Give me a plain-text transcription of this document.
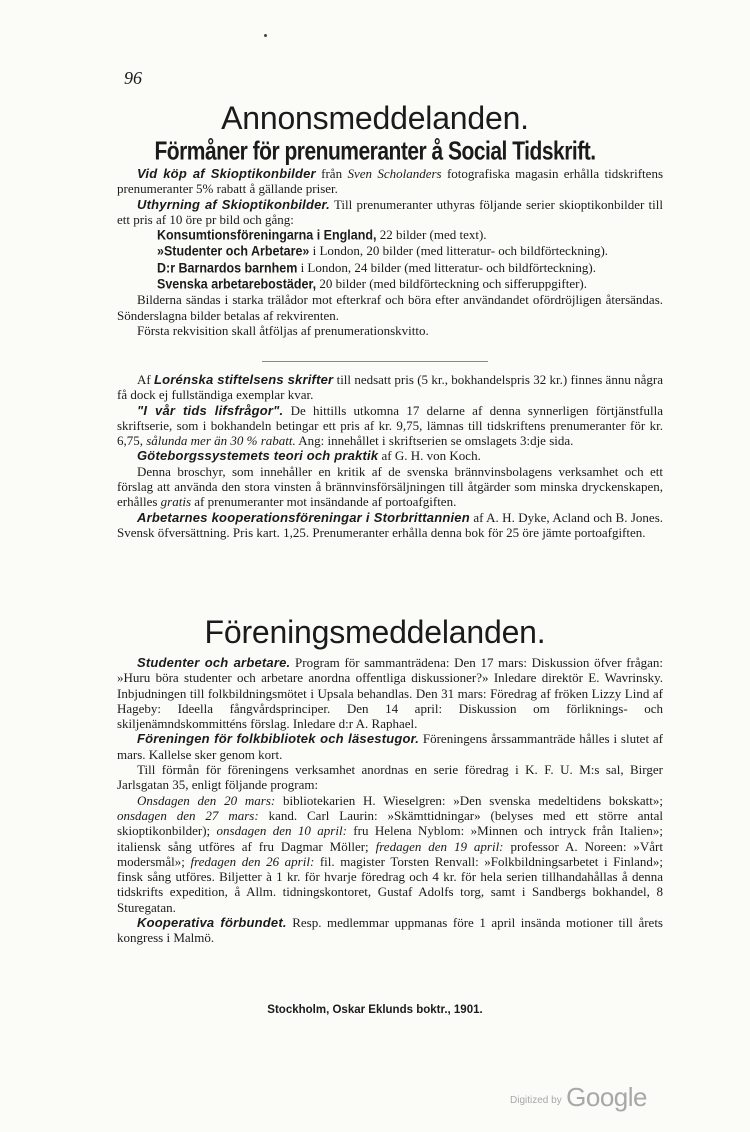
96
Annonsmeddelanden.
Förmåner för prenumeranter å Social Tidskrift.

Vid köp af Skioptikonbilder från Sven Scholanders fotografiska magasin erhålla tidskriftens prenumeranter 5% rabatt å gällande priser.

Uthyrning af Skioptikonbilder. Till prenumeranter uthyras följande serier skioptikonbilder till ett pris af 10 öre pr bild och gång:

Konsumtionsföreningarna i England, 22 bilder (med text).

»Studenter och Arbetare» i London, 20 bilder (med litteratur- och bildförteckning).

D:r Barnardos barnhem i London, 24 bilder (med litteratur- och bildförteckning).

Svenska arbetarebostäder, 20 bilder (med bildförteckning och sifferuppgifter).

Bilderna sändas i starka trälådor mot efterkraf och böra efter användandet ofördröjligen återsändas. Sönderslagna bilder betalas af rekvirenten.

Första rekvisition skall åtföljas af prenumerationskvitto.

Af Lorénska stiftelsens skrifter till nedsatt pris (5 kr., bokhandelspris 32 kr.) finnes ännu några få dock ej fullständiga exemplar kvar.

"I vår tids lifsfrågor". De hittills utkomna 17 delarne af denna synnerligen förtjänstfulla skriftserie, som i bokhandeln betingar ett pris af kr. 9,75, lämnas till tidskriftens prenumeranter för kr. 6,75, sålunda mer än 30 % rabatt. Ang: innehållet i skriftserien se omslagets 3:dje sida.

Göteborgssystemets teori och praktik af G. H. von Koch.

Denna broschyr, som innehåller en kritik af de svenska brännvinsbolagens verksamhet och ett förslag att använda den stora vinsten å brännvinsförsäljningen till åtgärder som minska dryckenskapen, erhålles gratis af prenumeranter mot insändande af portoafgiften.

Arbetarnes kooperationsföreningar i Storbrittannien af A. H. Dyke, Acland och B. Jones. Svensk öfversättning. Pris kart. 1,25. Prenumeranter erhålla denna bok för 25 öre jämte portoafgiften.

Föreningsmeddelanden.

Studenter och arbetare. Program för sammanträdena: Den 17 mars: Diskussion öfver frågan: »Huru böra studenter och arbetare anordna offentliga diskussioner?» Inledare direktör E. Wavrinsky. Inbjudningen till folkbildningsmötet i Upsala behandlas. Den 31 mars: Föredrag af fröken Lizzy Lind af Hageby: Ideella fångvårdsprinciper. Den 14 april: Diskussion om förliknings- och skiljenämndskommitténs förslag. Inledare d:r A. Raphael.

Föreningen för folkbibliotek och läsestugor. Föreningens årssammanträde hålles i slutet af mars. Kallelse sker genom kort.

Till förmån för föreningens verksamhet anordnas en serie föredrag i K. F. U. M:s sal, Birger Jarlsgatan 35, enligt följande program:

Onsdagen den 20 mars: bibliotekarien H. Wieselgren: »Den svenska medeltidens bokskatt»; onsdagen den 27 mars: kand. Carl Laurin: »Skämttidningar» (belyses med ett större antal skioptikonbilder); onsdagen den 10 april: fru Helena Nyblom: »Minnen och intryck från Italien»; italiensk sång utföres af fru Dagmar Möller; fredagen den 19 april: professor A. Noreen: »Vårt modersmål»; fredagen den 26 april: fil. magister Torsten Renvall: »Folkbildningsarbetet i Finland»; finsk sång utföres. Biljetter à 1 kr. för hvarje föredrag och 4 kr. för hela serien tillhandahållas å denna tidskrifts expedition, å Allm. tidningskontoret, Gustaf Adolfs torg, samt i Sandbergs bokhandel, 8 Sturegatan.

Kooperativa förbundet. Resp. medlemmar uppmanas före 1 april insända motioner till årets kongress i Malmö.

Stockholm, Oskar Eklunds boktr., 1901.
Digitized by Google
